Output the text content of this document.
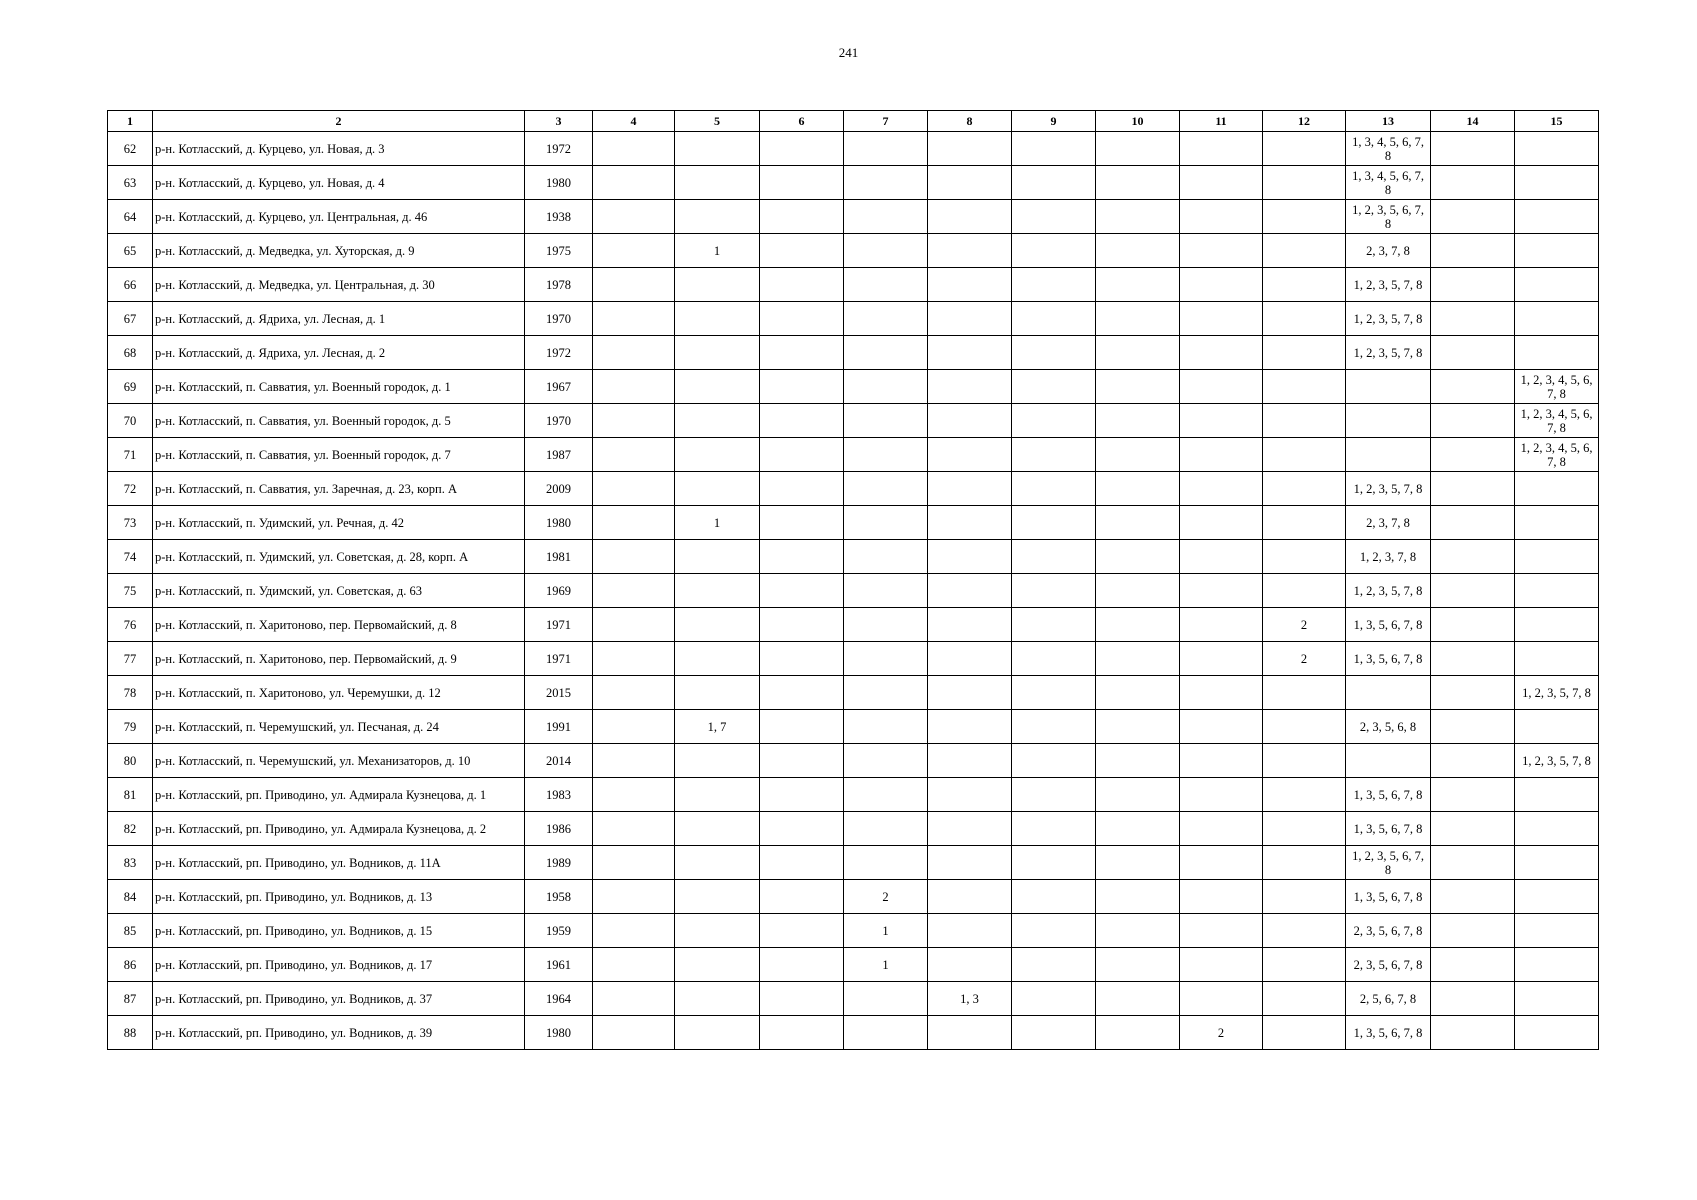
241
1	2	3	4	5	6	7	8	9	10	11	12	13	14	15
62	р-н. Котласский, д. Курцево, ул. Новая, д. 3	1972										1, 3, 4, 5, 6, 7, 8		
63	р-н. Котласский, д. Курцево, ул. Новая, д. 4	1980										1, 3, 4, 5, 6, 7, 8		
64	р-н. Котласский, д. Курцево, ул. Центральная, д. 46	1938										1, 2, 3, 5, 6, 7, 8		
65	р-н. Котласский, д. Медведка, ул. Хуторская, д. 9	1975		1								2, 3, 7, 8		
66	р-н. Котласский, д. Медведка, ул. Центральная, д. 30	1978										1, 2, 3, 5, 7, 8		
67	р-н. Котласский, д. Ядриха, ул. Лесная, д. 1	1970										1, 2, 3, 5, 7, 8		
68	р-н. Котласский, д. Ядриха, ул. Лесная, д. 2	1972										1, 2, 3, 5, 7, 8		
69	р-н. Котласский, п. Савватия, ул. Военный городок, д. 1	1967												1, 2, 3, 4, 5, 6, 7, 8
70	р-н. Котласский, п. Савватия, ул. Военный городок, д. 5	1970												1, 2, 3, 4, 5, 6, 7, 8
71	р-н. Котласский, п. Савватия, ул. Военный городок, д. 7	1987												1, 2, 3, 4, 5, 6, 7, 8
72	р-н. Котласский, п. Савватия, ул. Заречная, д. 23, корп. А	2009										1, 2, 3, 5, 7, 8		
73	р-н. Котласский, п. Удимский, ул. Речная, д. 42	1980		1								2, 3, 7, 8		
74	р-н. Котласский, п. Удимский, ул. Советская, д. 28, корп. А	1981										1, 2, 3, 7, 8		
75	р-н. Котласский, п. Удимский, ул. Советская, д. 63	1969										1, 2, 3, 5, 7, 8		
76	р-н. Котласский, п. Харитоново, пер. Первомайский, д. 8	1971									2	1, 3, 5, 6, 7, 8		
77	р-н. Котласский, п. Харитоново, пер. Первомайский, д. 9	1971									2	1, 3, 5, 6, 7, 8		
78	р-н. Котласский, п. Харитоново, ул. Черемушки, д. 12	2015												1, 2, 3, 5, 7, 8
79	р-н. Котласский, п. Черемушский, ул. Песчаная, д. 24	1991		1, 7								2, 3, 5, 6, 8		
80	р-н. Котласский, п. Черемушский, ул. Механизаторов, д. 10	2014												1, 2, 3, 5, 7, 8
81	р-н. Котласский, рп. Приводино, ул. Адмирала Кузнецова, д. 1	1983										1, 3, 5, 6, 7, 8		
82	р-н. Котласский, рп. Приводино, ул. Адмирала Кузнецова, д. 2	1986										1, 3, 5, 6, 7, 8		
83	р-н. Котласский, рп. Приводино, ул. Водников, д. 11А	1989										1, 2, 3, 5, 6, 7, 8		
84	р-н. Котласский, рп. Приводино, ул. Водников, д. 13	1958				2						1, 3, 5, 6, 7, 8		
85	р-н. Котласский, рп. Приводино, ул. Водников, д. 15	1959				1						2, 3, 5, 6, 7, 8		
86	р-н. Котласский, рп. Приводино, ул. Водников, д. 17	1961				1						2, 3, 5, 6, 7, 8		
87	р-н. Котласский, рп. Приводино, ул. Водников, д. 37	1964					1, 3					2, 5, 6, 7, 8		
88	р-н. Котласский, рп. Приводино, ул. Водников, д. 39	1980								2		1, 3, 5, 6, 7, 8		
